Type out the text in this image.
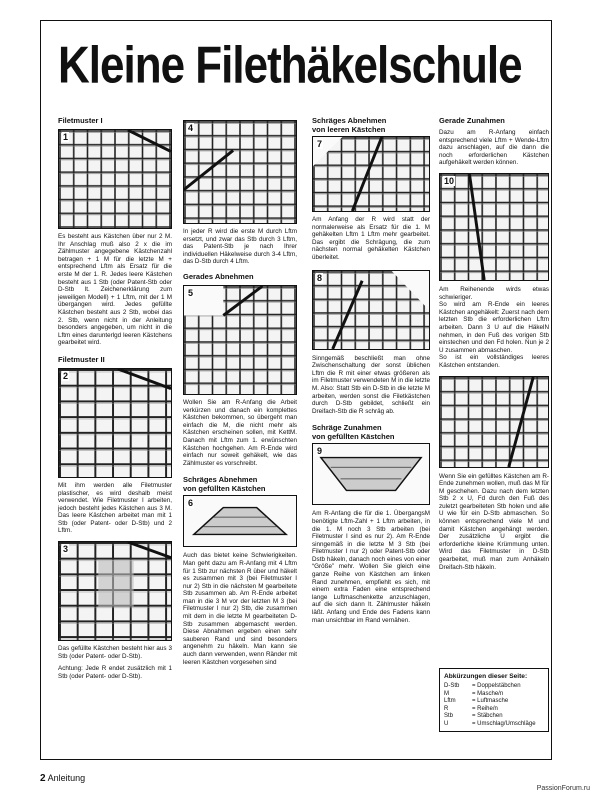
Kleine Filethäkelschule
Filetmuster I
1

Es besteht aus Kästchen über nur 2 M. Ihr Anschlag muß also 2 x die im Zählmuster angegebene Kästchenzahl betragen + 1 M für die letzte M + entsprechend Lftm als Ersatz für die erste M der 1. R. Jedes leere Kästchen besteht aus 1 Stb (oder Patent-Stb oder D-Stb lt. Zeichenerklärung zum jeweiligen Modell) + 1 Lftm, mit der 1 M übergangen wird. Jedes gefüllte Kästchen besteht aus 2 Stb, wobei das 2. Stb, wenn nicht in der Anleitung besonders angegeben, um nicht in die Lftm eines darunterlgd leeren Kästchens gearbeitet wird.

Filetmuster II
2

Mit ihm werden alle Filetmuster plastischer, es wird deshalb meist verwendet. Wie Filetmuster I arbeiten, jedoch besteht jedes Kästchen aus 3 M. Das leere Kästchen arbeitet man mit 1 Stb (oder Patent- oder D-Stb) und 2 Lftm.

3

Das gefüllte Kästchen besteht hier aus 3 Stb (oder Patent- oder D-Stb).

Achtung: Jede R endet zusätzlich mit 1 Stb (oder Patent- oder D-Stb).

4

In jeder R wird die erste M durch Lftm ersetzt, und zwar das Stb durch 3 Lftm, das Patent-Stb je nach Ihrer individuellen Häkelweise durch 3-4 Lftm, das D-Stb durch 4 Lftm.

Gerades Abnehmen
5

Wollen Sie am R-Anfang die Arbeit verkürzen und danach ein komplettes Kästchen bekommen, so übergeht man einfach die M, die nicht mehr als Kästchen erscheinen sollen, mit KettM. Danach mit Lftm zum 1. erwünschten Kästchen hochgehen. Am R-Ende wird einfach nur soweit gehäkelt, wie das Zählmuster es vorschreibt.

Schräges Abnehmen
von gefüllten Kästchen
6

Auch das bietet keine Schwierigkeiten. Man geht dazu am R-Anfang mit 4 Lftm für 1 Stb zur nächsten R über und häkelt es zusammen mit 3 (bei Filetmuster I nur 2) Stb in die nächsten M gearbeitete Stb zusammen ab. Am R-Ende arbeitet man in die 3 M vor der letzten M 3 (bei Filetmuster I nur 2) Stb, die zusammen mit dem in die letzte M gearbeiteten D-Stb zusammen abgemascht werden. Diese Abnahmen ergeben einen sehr sauberen Rand und sind besonders angenehm zu häkeln. Man kann sie auch dann verwenden, wenn Ränder mit leeren Kästchen vorgesehen sind

Schräges Abnehmen
von leeren Kästchen
7

Am Anfang der R wird statt der normalerweise als Ersatz für die 1. M gehäkelten Lftm 1 Lftm mehr gearbeitet. Das ergibt die Schrägung, die zum nächsten normal gehäkelten Kästchen überleitet.

8

Sinngemäß beschließt man ohne Zwischenschaltung der sonst üblichen Lftm die R mit einer etwas größeren als im Filetmuster verwendeten M in die letzte M. Also: Statt Stb ein D-Stb in die letzte M arbeiten, werden sonst die Filetkästchen durch D-Stb gebildet, schließt ein Dreifach-Stb die R schräg ab.

Schräge Zunahmen
von gefüllten Kästchen
9

Am R-Anfang die für die 1. ÜbergangsM benötigte Lftm-Zahl + 1 Lftm arbeiten, in die 1. M noch 3 Stb arbeiten (bei Filetmuster I sind es nur 2). Am R-Ende sinngemäß in die letzte M 3 Stb (bei Filetmuster I nur 2) oder Patent-Stb oder Dstb häkeln, danach noch eines von einer “Größe” mehr. Wollen Sie gleich eine ganze Reihe von Kästchen am linken Rand zunehmen, empfiehlt es sich, mit einem extra Faden eine entsprechend lange Luftmaschenkette anzuschlagen, auf die sich dann lt. Zählmuster häkeln läßt. Anfang und Ende des Fadens kann man unsichtbar im Rand vernähen.

Gerade Zunahmen

Dazu am R-Anfang einfach entsprechend viele Lftm + Wende-Lftm dazu anschlagen, auf die dann die noch erforderlichen Kästchen aufgehäkelt werden können.

10

Am Reihenende wirds etwas schwieriger.

So wird am R-Ende ein leeres Kästchen angehäkelt: Zuerst nach dem letzten Stb die erforderlichen Lftm arbeiten. Dann 3 U auf die HäkelN nehmen, in den Fuß des vorigen Stb einstechen und den Fd holen. Nun je 2 U zusammen abmaschen.

So ist ein vollständiges leeres Kästchen entstanden.

Wenn Sie ein gefülltes Kästchen am R-Ende zunehmen wollen, muß das M für M geschehen. Dazu nach dem letzten Stb 2 x U, Fd durch den Fuß des zuletzt gearbeiteten Stb holen und alle U wie für ein D-Stb abmaschen. So können entsprechend viele M und damit Kästchen angehängt werden. Der zusätzliche U ergibt die erforderliche kleine Krümmung unten. Wird das Filetmuster in D-Stb gearbeitet, muß man zum Anhäkeln Dreifach-Stb häkeln.

Abkürzungen dieser Seite:
D-Stb	= Doppelstäbchen
M	= Masche/n
Lftm	= Luftmasche
R	= Reihe/n
Stb	= Stäbchen
U	= Umschlag/Umschläge
2 Anleitung
PassionForum.ru
